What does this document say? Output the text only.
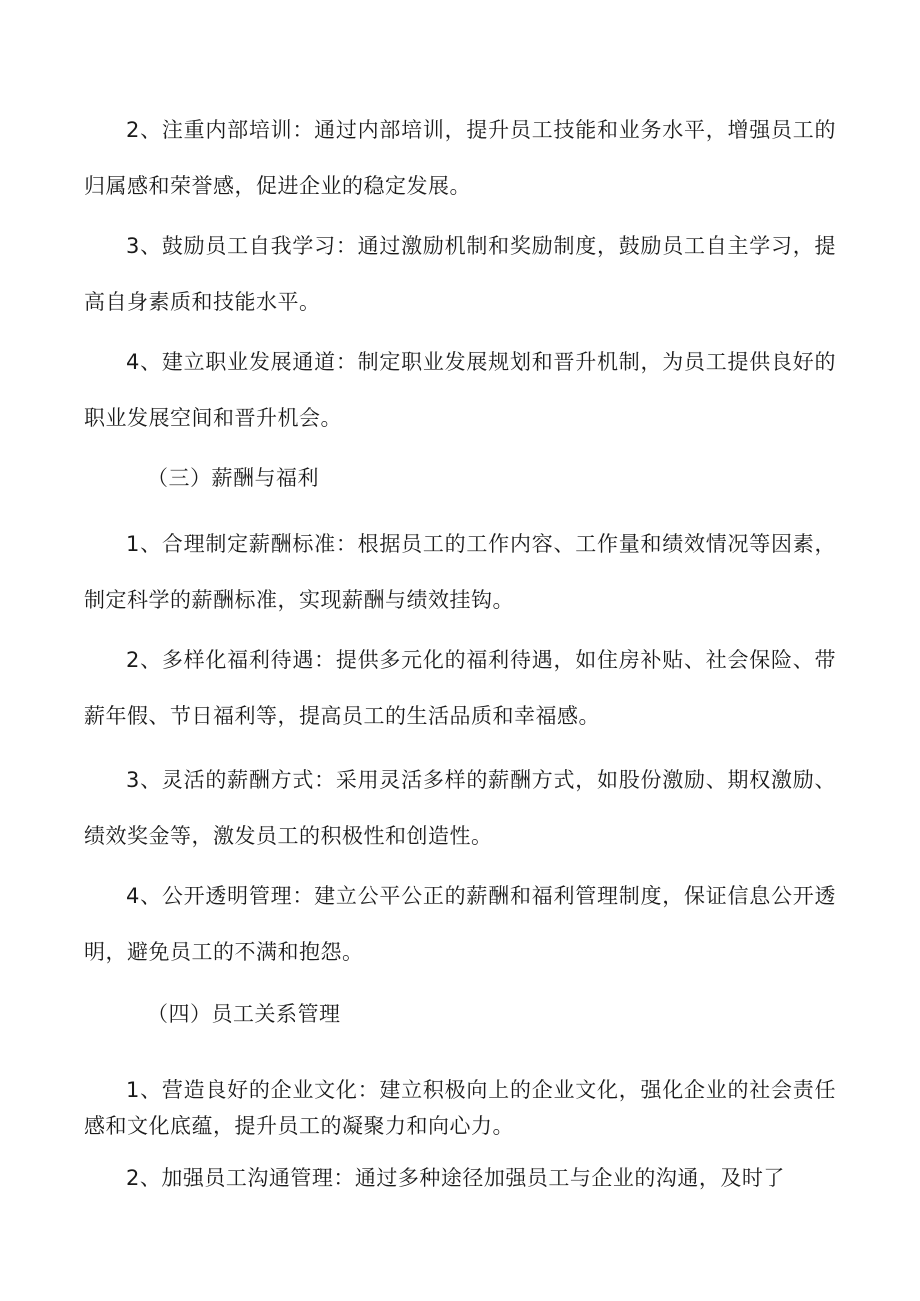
2、注重内部培训：通过内部培训，提升员工技能和业务水平，增强员工的归属感和荣誉感，促进企业的稳定发展。

3、鼓励员工自我学习：通过激励机制和奖励制度，鼓励员工自主学习，提高自身素质和技能水平。

4、建立职业发展通道：制定职业发展规划和晋升机制，为员工提供良好的职业发展空间和晋升机会。

（三）薪酬与福利

1、合理制定薪酬标准：根据员工的工作内容、工作量和绩效情况等因素，制定科学的薪酬标准，实现薪酬与绩效挂钩。

2、多样化福利待遇：提供多元化的福利待遇，如住房补贴、社会保险、带薪年假、节日福利等，提高员工的生活品质和幸福感。

3、灵活的薪酬方式：采用灵活多样的薪酬方式，如股份激励、期权激励、绩效奖金等，激发员工的积极性和创造性。

4、公开透明管理：建立公平公正的薪酬和福利管理制度，保证信息公开透明，避免员工的不满和抱怨。

（四）员工关系管理

1、营造良好的企业文化：建立积极向上的企业文化，强化企业的社会责任感和文化底蕴，提升员工的凝聚力和向心力。

2、加强员工沟通管理：通过多种途径加强员工与企业的沟通，及时了
